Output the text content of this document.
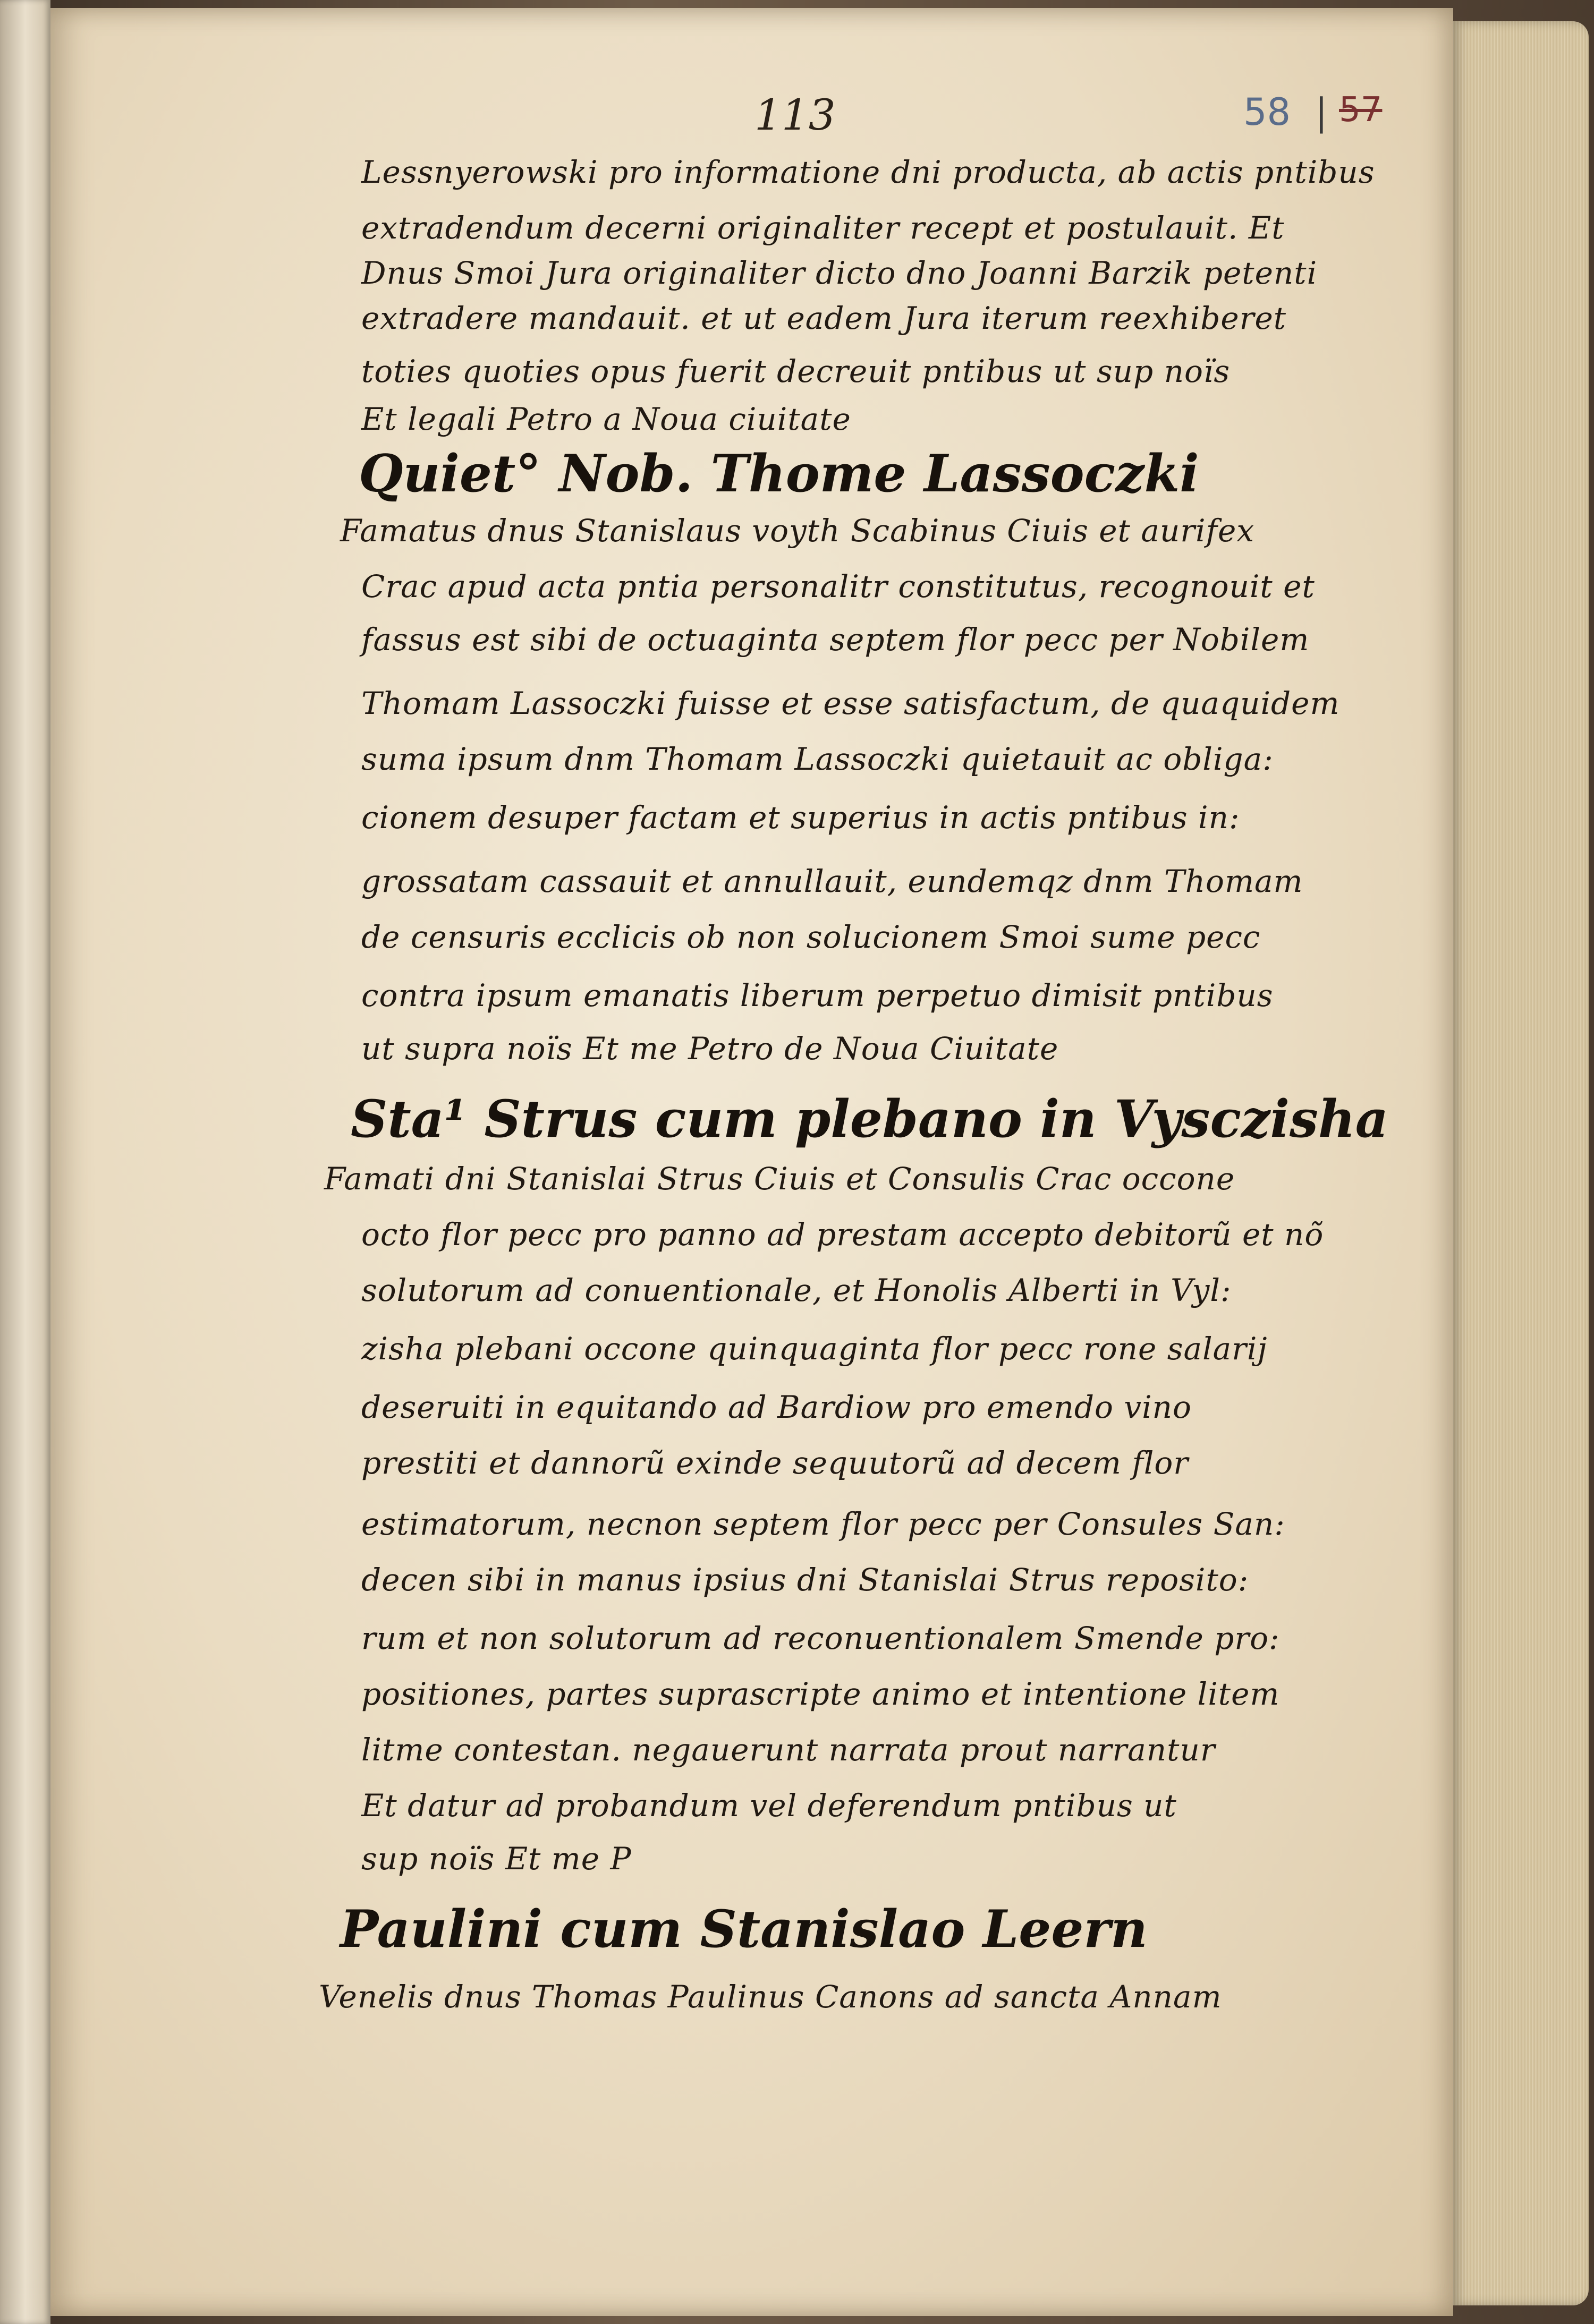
113	58 | 57
Lessnyerowski pro informatione dni producta, ab actis pntibus
extradendum decerni originaliter recept et postulauit. Et
Dnus Smoi Jura originaliter dicto dno Joanni Barzik petenti
extradere mandauit. et ut eadem Jura iterum reexhiberet
toties quoties opus fuerit decreuit pntibus ut sup noïs
Et legali Petro a Noua ciuitate
Quiet° Nob. Thome Lassoczki
Famatus dnus Stanislaus voyth Scabinus Ciuis et aurifex
Crac apud acta pntia personalitr constitutus, recognouit et
fassus est sibi de octuaginta septem flor pecc per Nobilem
Thomam Lassoczki fuisse et esse satisfactum, de quaquidem
suma ipsum dnm Thomam Lassoczki quietauit ac obliga:
cionem desuper factam et superius in actis pntibus in:
grossatam cassauit et annullauit, eundemqz dnm Thomam
de censuris ecclicis ob non solucionem Smoi sume pecc
contra ipsum emanatis liberum perpetuo dimisit pntibus
ut supra noïs Et me Petro de Noua Ciuitate
Sta¹ Strus cum plebano in Vysczisha
Famati dni Stanislai Strus Ciuis et Consulis Crac occone
octo flor pecc pro panno ad prestam accepto debitorũ et nõ
solutorum ad conuentionale, et Honolis Alberti in Vyl:
zisha plebani occone quinquaginta flor pecc rone salarij
deseruiti in equitando ad Bardiow pro emendo vino
prestiti et dannorũ exinde sequutorũ ad decem flor
estimatorum, necnon septem flor pecc per Consules San:
decen sibi in manus ipsius dni Stanislai Strus reposito:
rum et non solutorum ad reconuentionalem Smende pro:
positiones, partes suprascripte animo et intentione litem
litme contestan. negauerunt narrata prout narrantur
Et datur ad probandum vel deferendum pntibus ut
sup noïs Et me P
Paulini cum Stanislao Leern
Venelis dnus Thomas Paulinus Canons ad sancta Annam
